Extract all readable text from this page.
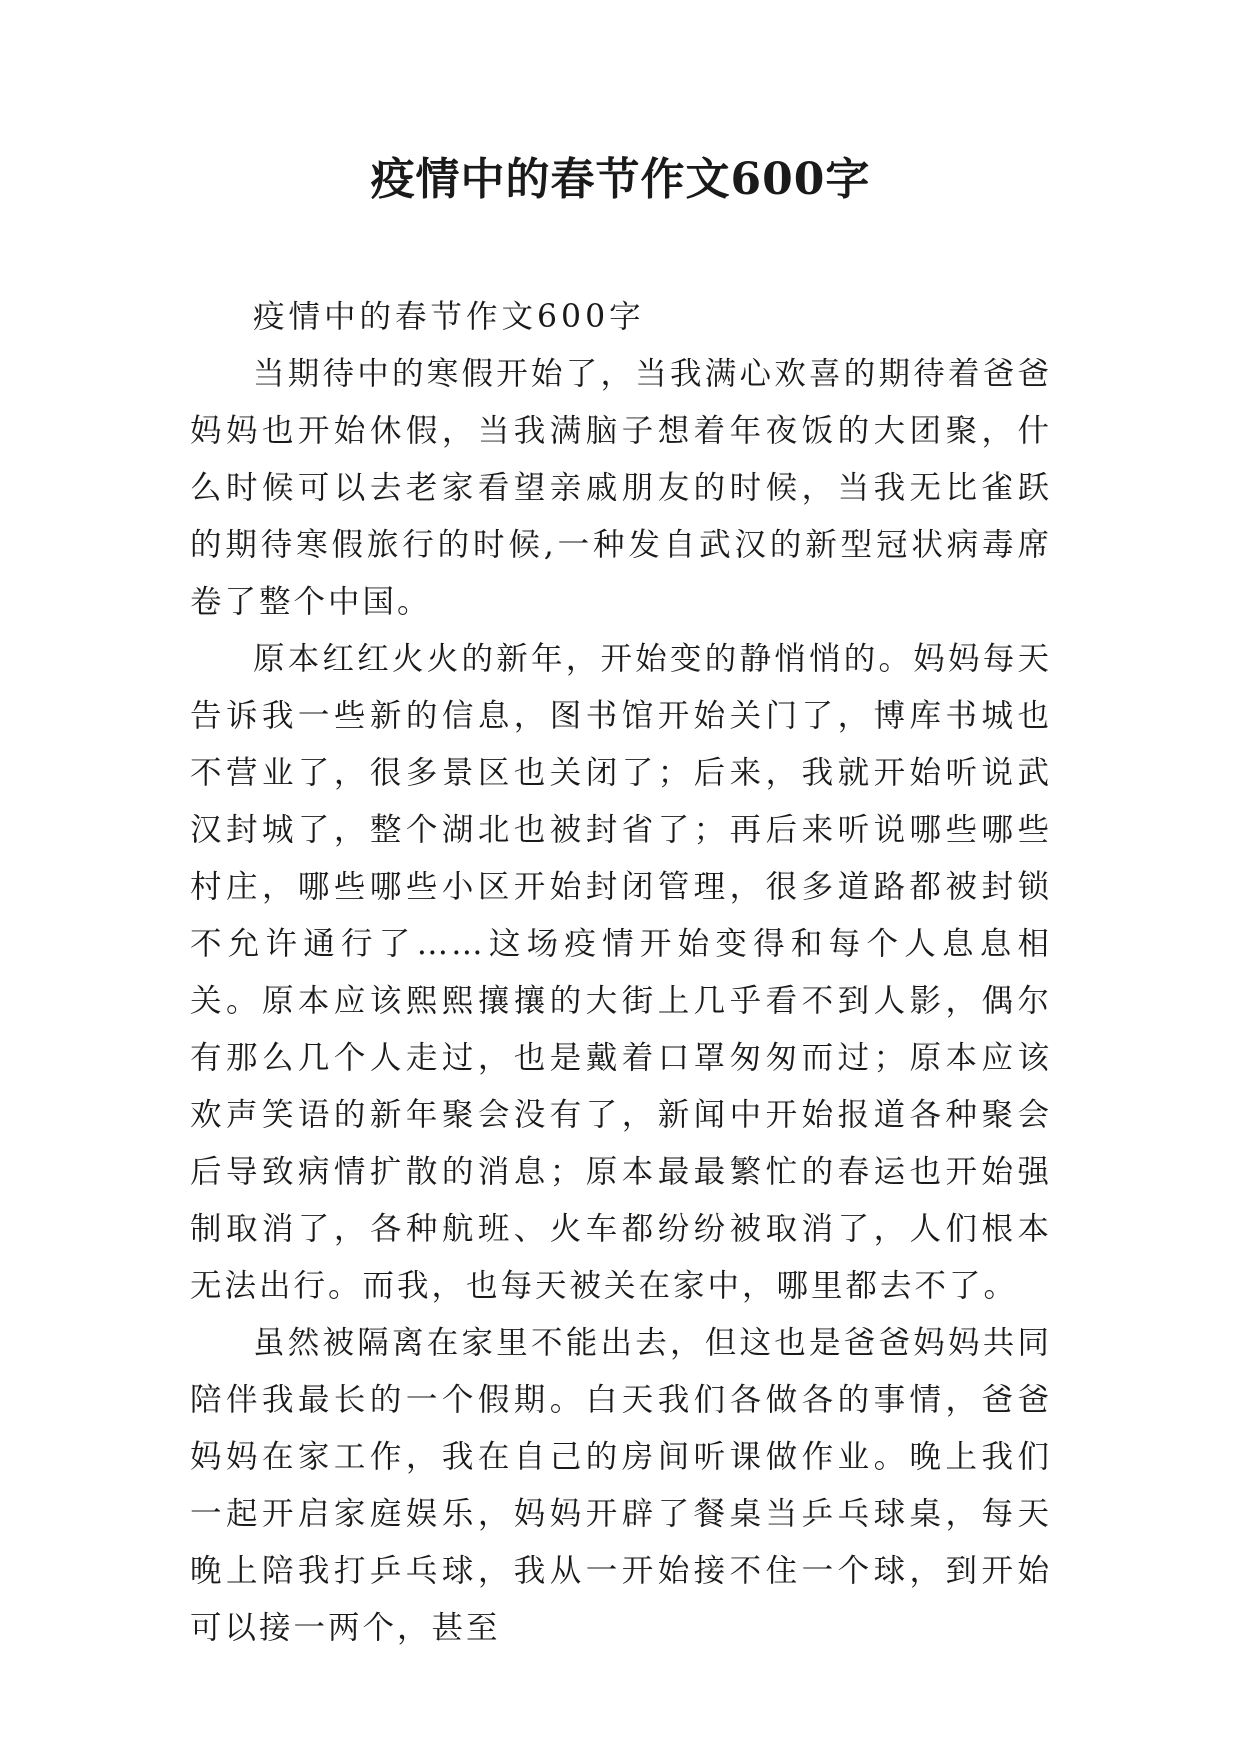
疫情中的春节作文600字

疫情中的春节作文600字

当期待中的寒假开始了，当我满心欢喜的期待着爸爸妈妈也开始休假，当我满脑子想着年夜饭的大团聚，什么时候可以去老家看望亲戚朋友的时候，当我无比雀跃的期待寒假旅行的时候,一种发自武汉的新型冠状病毒席卷了整个中国。

原本红红火火的新年，开始变的静悄悄的。妈妈每天告诉我一些新的信息，图书馆开始关门了，博库书城也不营业了，很多景区也关闭了；后来，我就开始听说武汉封城了，整个湖北也被封省了；再后来听说哪些哪些村庄，哪些哪些小区开始封闭管理，很多道路都被封锁不允许通行了……这场疫情开始变得和每个人息息相关。原本应该熙熙攘攘的大街上几乎看不到人影，偶尔有那么几个人走过，也是戴着口罩匆匆而过；原本应该欢声笑语的新年聚会没有了，新闻中开始报道各种聚会后导致病情扩散的消息；原本最最繁忙的春运也开始强制取消了，各种航班、火车都纷纷被取消了，人们根本无法出行。而我，也每天被关在家中，哪里都去不了。

虽然被隔离在家里不能出去，但这也是爸爸妈妈共同陪伴我最长的一个假期。白天我们各做各的事情，爸爸妈妈在家工作，我在自己的房间听课做作业。晚上我们一起开启家庭娱乐，妈妈开辟了餐桌当乒乓球桌，每天晚上陪我打乒乓球，我从一开始接不住一个球，到开始可以接一两个，甚至
